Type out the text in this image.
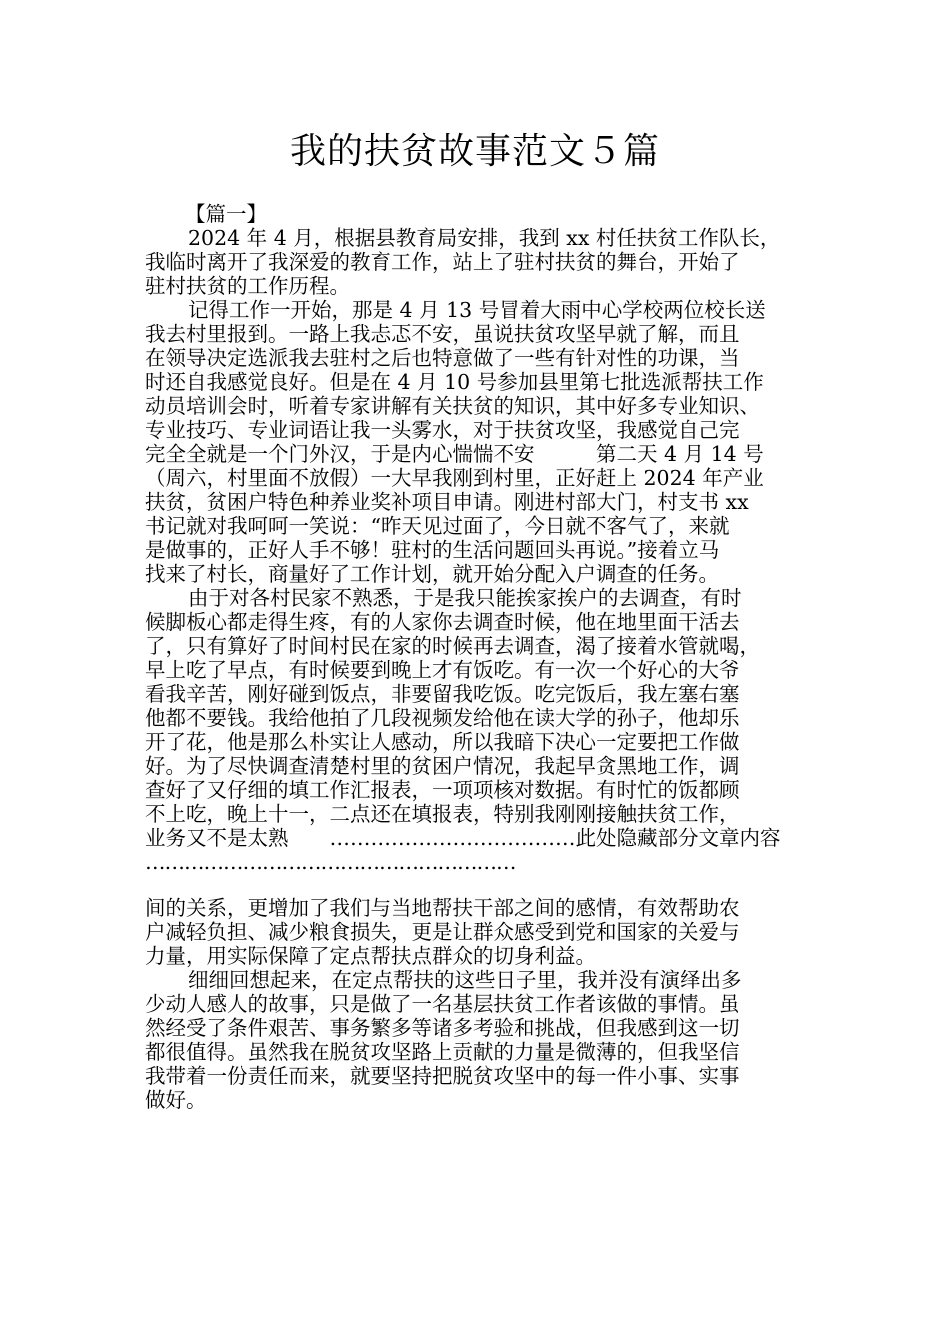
我的扶贫故事范文５篇
【篇一】
2024 年 4 月，根据县教育局安排，我到 xx 村任扶贫工作队长，
我临时离开了我深爱的教育工作，站上了驻村扶贫的舞台，开始了
驻村扶贫的工作历程。
记得工作一开始，那是 4 月 13 号冒着大雨中心学校两位校长送
我去村里报到。一路上我忐忑不安，虽说扶贫攻坚早就了解，而且
在领导决定选派我去驻村之后也特意做了一些有针对性的功课，当
时还自我感觉良好。但是在 4 月 10 号参加县里第七批选派帮扶工作
动员培训会时，听着专家讲解有关扶贫的知识，其中好多专业知识、
专业技巧、专业词语让我一头雾水，对于扶贫攻坚，我感觉自己完
完全全就是一个门外汉，于是内心惴惴不安　　　第二天 4 月 14 号
（周六，村里面不放假）一大早我刚到村里，正好赶上 2024 年产业
扶贫，贫困户特色种养业奖补项目申请。刚进村部大门，村支书 xx
书记就对我呵呵一笑说：“昨天见过面了，今日就不客气了，来就
是做事的，正好人手不够！驻村的生活问题回头再说。”接着立马
找来了村长，商量好了工作计划，就开始分配入户调查的任务。
由于对各村民家不熟悉，于是我只能挨家挨户的去调查，有时
候脚板心都走得生疼，有的人家你去调查时候，他在地里面干活去
了，只有算好了时间村民在家的时候再去调查，渴了接着水管就喝，
早上吃了早点，有时候要到晚上才有饭吃。有一次一个好心的大爷
看我辛苦，刚好碰到饭点，非要留我吃饭。吃完饭后，我左塞右塞
他都不要钱。我给他拍了几段视频发给他在读大学的孙子，他却乐
开了花，他是那么朴实让人感动，所以我暗下决心一定要把工作做
好。为了尽快调查清楚村里的贫困户情况，我起早贪黑地工作，调
查好了又仔细的填工作汇报表，一项项核对数据。有时忙的饭都顾
不上吃，晚上十一，二点还在填报表，特别我刚刚接触扶贫工作，
业务又不是太熟　　………………………………此处隐藏部分文章内容
…………………………………………………
间的关系，更增加了我们与当地帮扶干部之间的感情，有效帮助农
户减轻负担、减少粮食损失，更是让群众感受到党和国家的关爱与
力量，用实际保障了定点帮扶点群众的切身利益。
细细回想起来，在定点帮扶的这些日子里，我并没有演绎出多
少动人感人的故事，只是做了一名基层扶贫工作者该做的事情。虽
然经受了条件艰苦、事务繁多等诸多考验和挑战，但我感到这一切
都很值得。虽然我在脱贫攻坚路上贡献的力量是微薄的，但我坚信
我带着一份责任而来，就要坚持把脱贫攻坚中的每一件小事、实事
做好。
